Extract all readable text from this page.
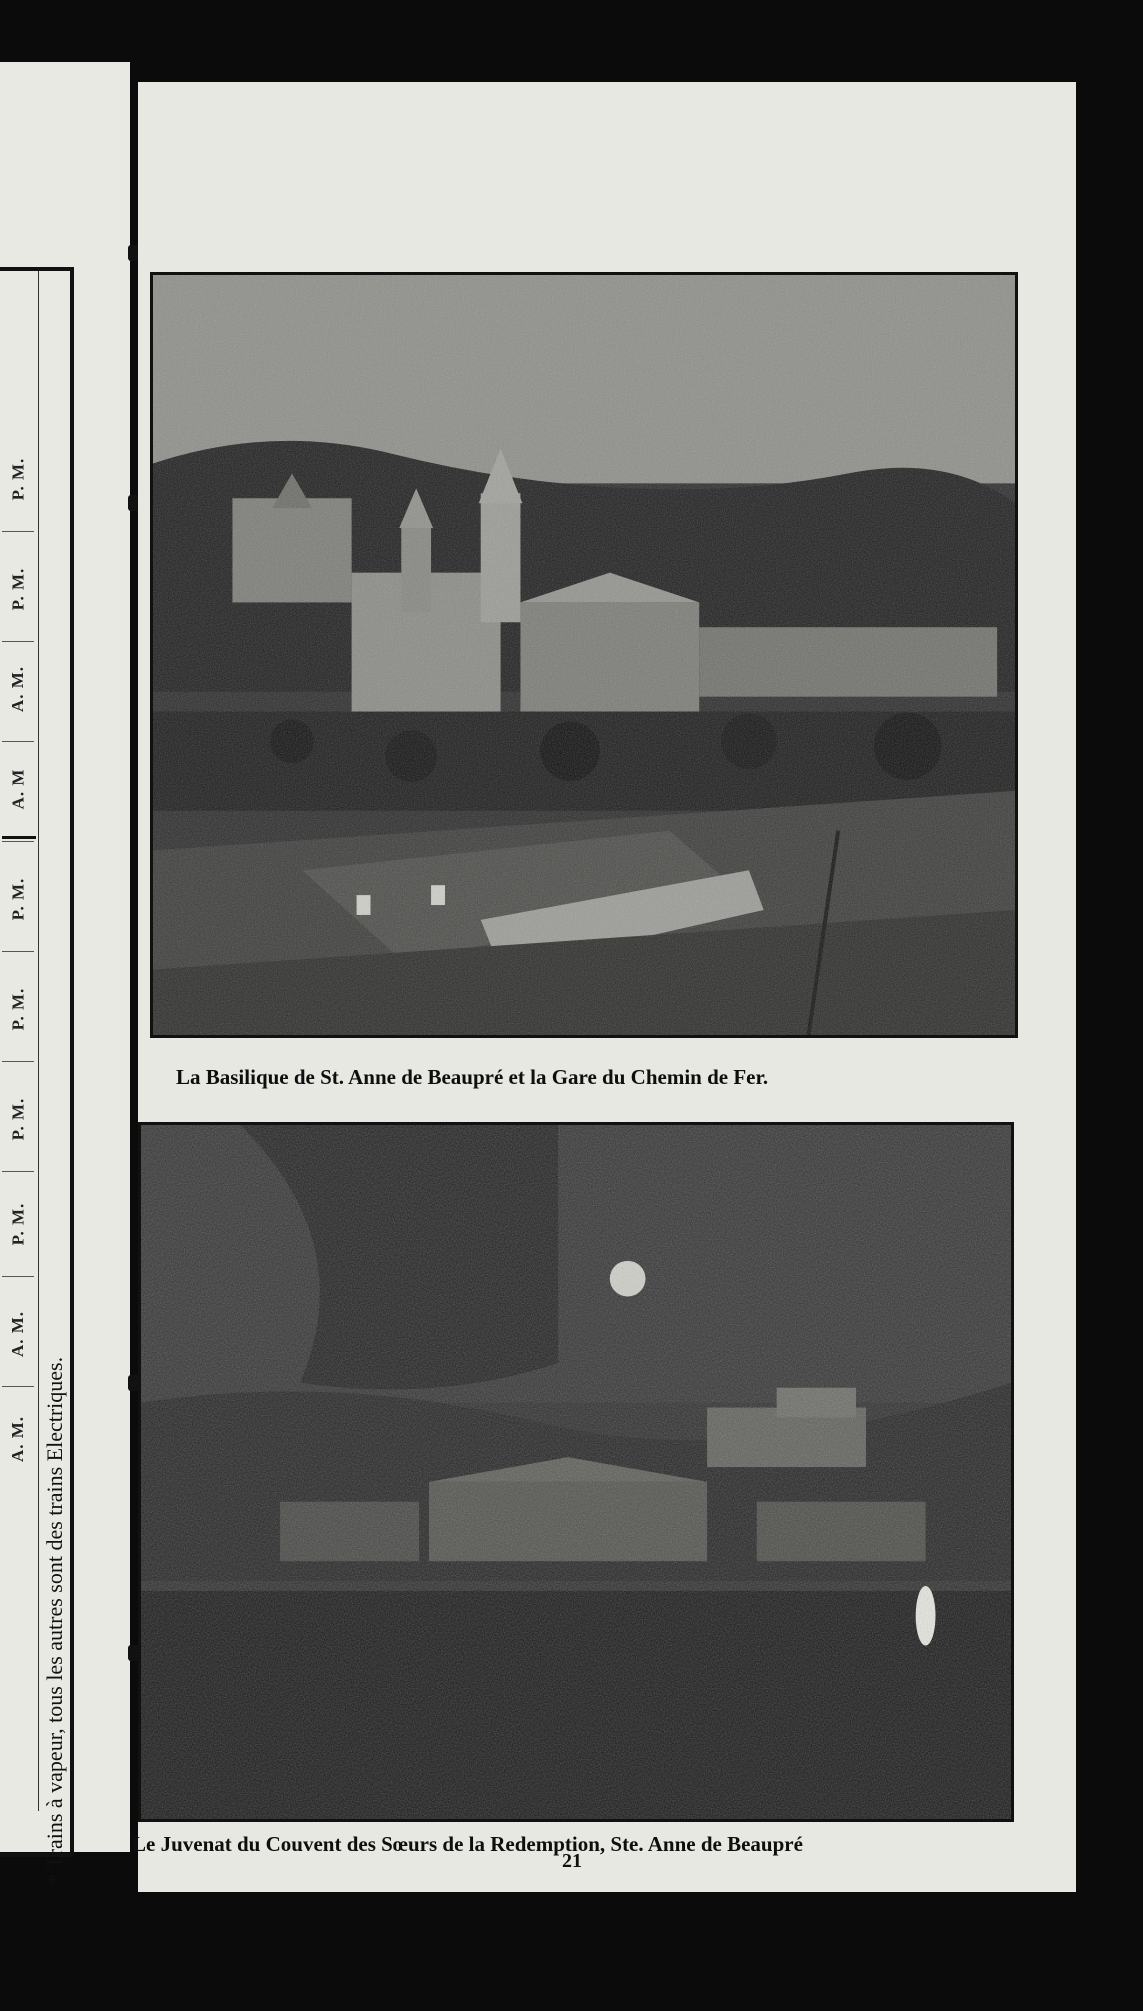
P. M.
P. M.
A. M.
A. M
P. M.
P. M.
P. M.
P. M.
A. M.
A. M. * Trains à vapeur, tous les autres sont des trains Electriques.
La Basilique de St. Anne de Beaupré et la Gare du Chemin de Fer.
Le Juvenat du Couvent des Sœurs de la Redemption, Ste. Anne de Beaupré
21
